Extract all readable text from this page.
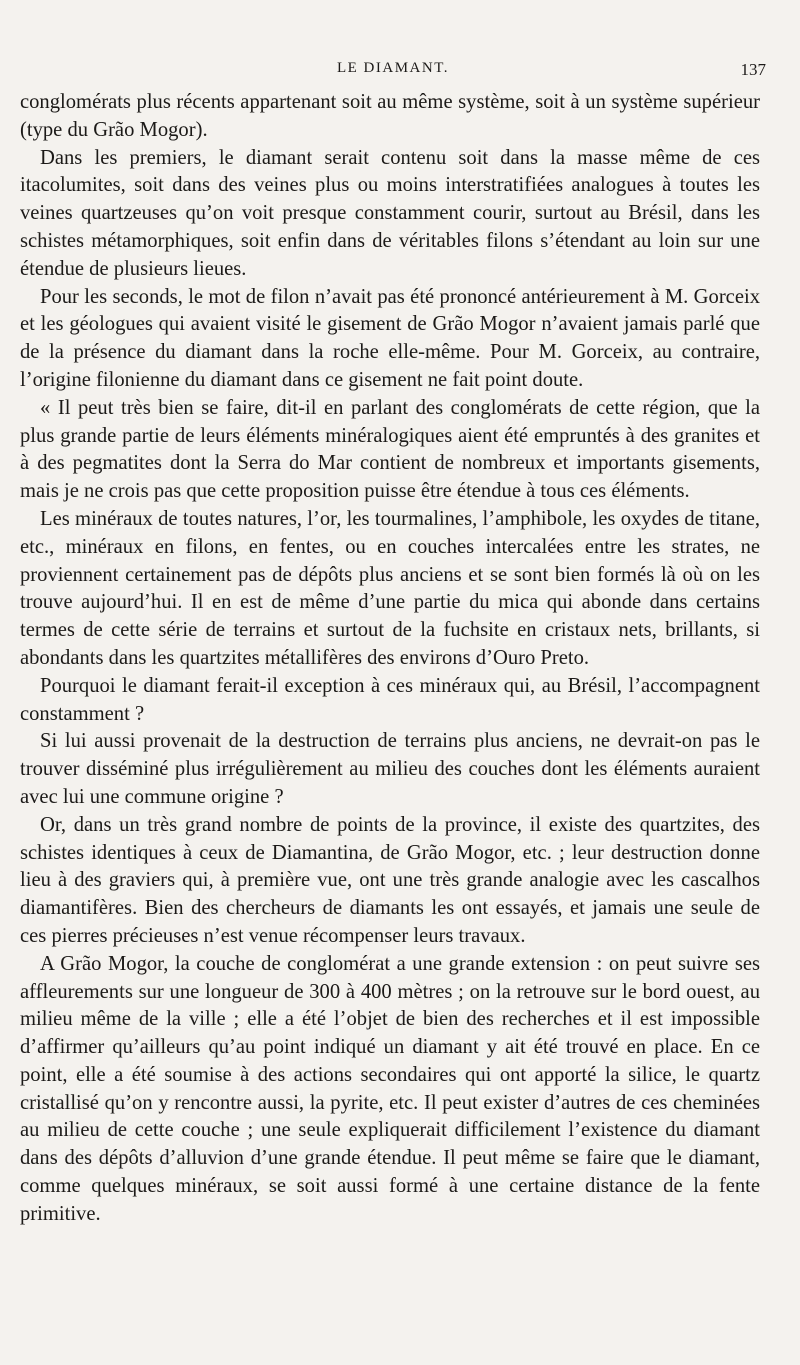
LE DIAMANT.	137

conglomérats plus récents appartenant soit au même système, soit à un système supérieur (type du Grão Mogor).

Dans les premiers, le diamant serait contenu soit dans la masse même de ces itacolumites, soit dans des veines plus ou moins interstratifiées analogues à toutes les veines quartzeuses qu’on voit presque constamment courir, surtout au Brésil, dans les schistes métamorphiques, soit enfin dans de véritables filons s’étendant au loin sur une étendue de plusieurs lieues.

Pour les seconds, le mot de filon n’avait pas été prononcé antérieurement à M. Gorceix et les géologues qui avaient visité le gisement de Grão Mogor n’avaient jamais parlé que de la présence du diamant dans la roche elle-même. Pour M. Gorceix, au contraire, l’origine filonienne du diamant dans ce gisement ne fait point doute.

« Il peut très bien se faire, dit-il en parlant des conglomérats de cette région, que la plus grande partie de leurs éléments minéralogiques aient été empruntés à des granites et à des pegmatites dont la Serra do Mar contient de nombreux et importants gisements, mais je ne crois pas que cette proposition puisse être étendue à tous ces éléments.

Les minéraux de toutes natures, l’or, les tourmalines, l’amphibole, les oxydes de titane, etc., minéraux en filons, en fentes, ou en couches intercalées entre les strates, ne proviennent certainement pas de dépôts plus anciens et se sont bien formés là où on les trouve aujourd’hui. Il en est de même d’une partie du mica qui abonde dans certains termes de cette série de terrains et surtout de la fuchsite en cristaux nets, brillants, si abondants dans les quartzites métallifères des environs d’Ouro Preto.

Pourquoi le diamant ferait-il exception à ces minéraux qui, au Brésil, l’accompagnent constamment ?

Si lui aussi provenait de la destruction de terrains plus anciens, ne devrait-on pas le trouver disséminé plus irrégulièrement au milieu des couches dont les éléments auraient avec lui une commune origine ?

Or, dans un très grand nombre de points de la province, il existe des quartzites, des schistes identiques à ceux de Diamantina, de Grão Mogor, etc. ; leur destruction donne lieu à des graviers qui, à première vue, ont une très grande analogie avec les cascalhos diamantifères. Bien des chercheurs de diamants les ont essayés, et jamais une seule de ces pierres précieuses n’est venue récompenser leurs travaux.

A Grão Mogor, la couche de conglomérat a une grande extension : on peut suivre ses affleurements sur une longueur de 300 à 400 mètres ; on la retrouve sur le bord ouest, au milieu même de la ville ; elle a été l’objet de bien des recherches et il est impossible d’affirmer qu’ailleurs qu’au point indiqué un diamant y ait été trouvé en place. En ce point, elle a été soumise à des actions secondaires qui ont apporté la silice, le quartz cristallisé qu’on y rencontre aussi, la pyrite, etc. Il peut exister d’autres de ces cheminées au milieu de cette couche ; une seule expliquerait difficilement l’existence du diamant dans des dépôts d’alluvion d’une grande étendue. Il peut même se faire que le diamant, comme quelques minéraux, se soit aussi formé à une certaine distance de la fente primitive.
